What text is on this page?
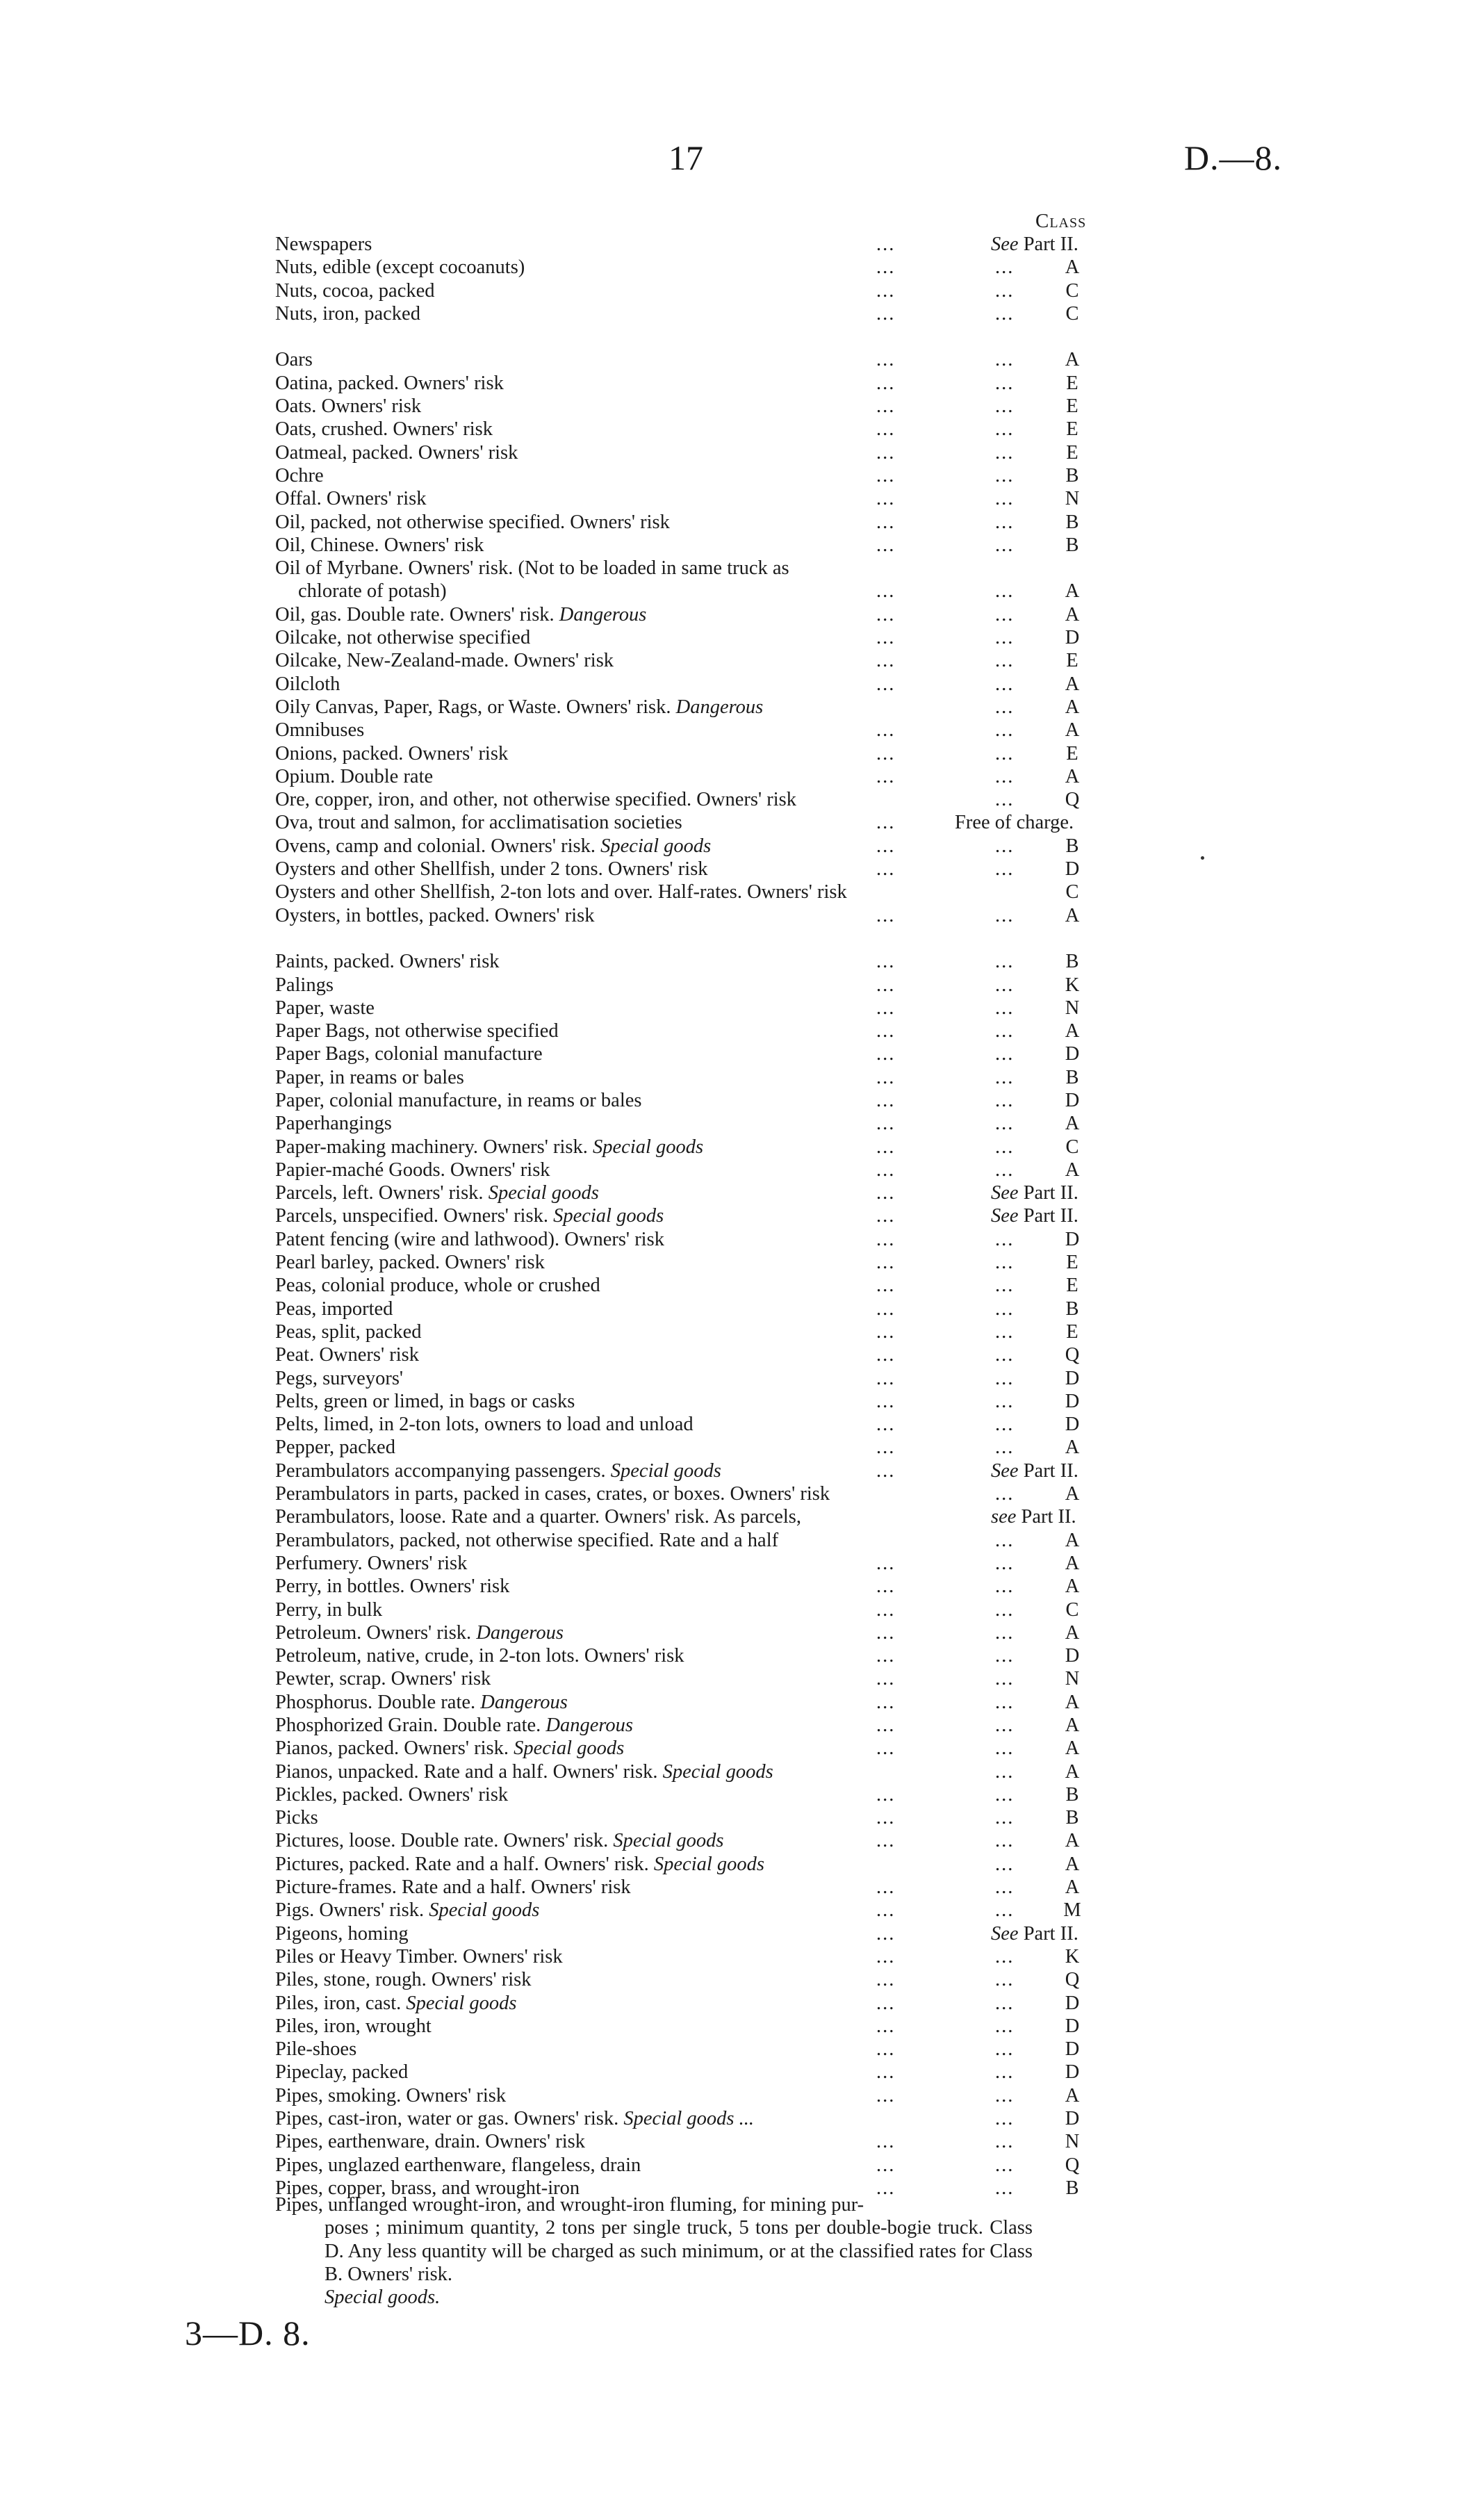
17	D.—8.
Class
Newspapers	...	See Part II.
Nuts, edible (except cocoanuts)	...	...	A
Nuts, cocoa, packed	...	...	C
Nuts, iron, packed	...	...	C
Oars	...	...	A
Oatina, packed. Owners' risk	...	...	E
Oats. Owners' risk	...	...	E
Oats, crushed. Owners' risk	...	...	E
Oatmeal, packed. Owners' risk	...	...	E
Ochre	...	...	B
Offal. Owners' risk	...	...	N
Oil, packed, not otherwise specified. Owners' risk	...	...	B
Oil, Chinese. Owners' risk	...	...	B
Oil of Myrbane. Owners' risk. (Not to be loaded in same truck as
chlorate of potash)	...	...	A
Oil, gas. Double rate. Owners' risk. Dangerous	...	...	A
Oilcake, not otherwise specified	...	...	D
Oilcake, New-Zealand-made. Owners' risk	...	...	E
Oilcloth	...	...	A
Oily Canvas, Paper, Rags, or Waste. Owners' risk. Dangerous	...	A
Omnibuses	...	...	A
Onions, packed. Owners' risk	...	...	E
Opium. Double rate	...	...	A
Ore, copper, iron, and other, not otherwise specified. Owners' risk	...	Q
Ova, trout and salmon, for acclimatisation societies	...	Free of charge.
Ovens, camp and colonial. Owners' risk. Special goods	...	...	B
Oysters and other Shellfish, under 2 tons. Owners' risk	...	...	D
Oysters and other Shellfish, 2-ton lots and over. Half-rates. Owners' risk	C
Oysters, in bottles, packed. Owners' risk	...	...	A
Paints, packed. Owners' risk	...	...	B
Palings	...	...	K
Paper, waste	...	...	N
Paper Bags, not otherwise specified	...	...	A
Paper Bags, colonial manufacture	...	...	D
Paper, in reams or bales	...	...	B
Paper, colonial manufacture, in reams or bales	...	...	D
Paperhangings	...	...	A
Paper-making machinery. Owners' risk. Special goods	...	...	C
Papier-maché Goods. Owners' risk	...	...	A
Parcels, left. Owners' risk. Special goods	...	See Part II.
Parcels, unspecified. Owners' risk. Special goods	...	See Part II.
Patent fencing (wire and lathwood). Owners' risk	...	...	D
Pearl barley, packed. Owners' risk	...	...	E
Peas, colonial produce, whole or crushed	...	...	E
Peas, imported	...	...	B
Peas, split, packed	...	...	E
Peat. Owners' risk	...	...	Q
Pegs, surveyors'	...	...	D
Pelts, green or limed, in bags or casks	...	...	D
Pelts, limed, in 2-ton lots, owners to load and unload	...	...	D
Pepper, packed	...	...	A
Perambulators accompanying passengers. Special goods	...	See Part II.
Perambulators in parts, packed in cases, crates, or boxes. Owners' risk	...	A
Perambulators, loose. Rate and a quarter. Owners' risk. As parcels,	see Part II.
Perambulators, packed, not otherwise specified. Rate and a half	...	A
Perfumery. Owners' risk	...	...	A
Perry, in bottles. Owners' risk	...	...	A
Perry, in bulk	...	...	C
Petroleum. Owners' risk. Dangerous	...	...	A
Petroleum, native, crude, in 2-ton lots. Owners' risk	...	...	D
Pewter, scrap. Owners' risk	...	...	N
Phosphorus. Double rate. Dangerous	...	...	A
Phosphorized Grain. Double rate. Dangerous	...	...	A
Pianos, packed. Owners' risk. Special goods	...	...	A
Pianos, unpacked. Rate and a half. Owners' risk. Special goods	...	A
Pickles, packed. Owners' risk	...	...	B
Picks	...	...	B
Pictures, loose. Double rate. Owners' risk. Special goods	...	...	A
Pictures, packed. Rate and a half. Owners' risk. Special goods	...	A
Picture-frames. Rate and a half. Owners' risk	...	...	A
Pigs. Owners' risk. Special goods	...	... M
Pigeons, homing	...	See Part II.
Piles or Heavy Timber. Owners' risk	...	...	K
Piles, stone, rough. Owners' risk	...	...	Q
Piles, iron, cast. Special goods	...	...	D
Piles, iron, wrought	...	...	D
Pile-shoes	...	...	D
Pipeclay, packed	...	...	D
Pipes, smoking. Owners' risk	...	...	A
Pipes, cast-iron, water or gas. Owners' risk. Special goods ...	...	D
Pipes, earthenware, drain. Owners' risk	...	...	N
Pipes, unglazed earthenware, flangeless, drain	...	...	Q
Pipes, copper, brass, and wrought-iron	...	...	B
Pipes, unflanged wrought-iron, and wrought-iron fluming, for mining pur-
poses ; minimum quantity, 2 tons per single truck, 5 tons per double-bogie truck. Class D. Any less quantity will be charged as such minimum, or at the classified rates for Class B. Owners' risk.
Special goods.
3—D. 8.
